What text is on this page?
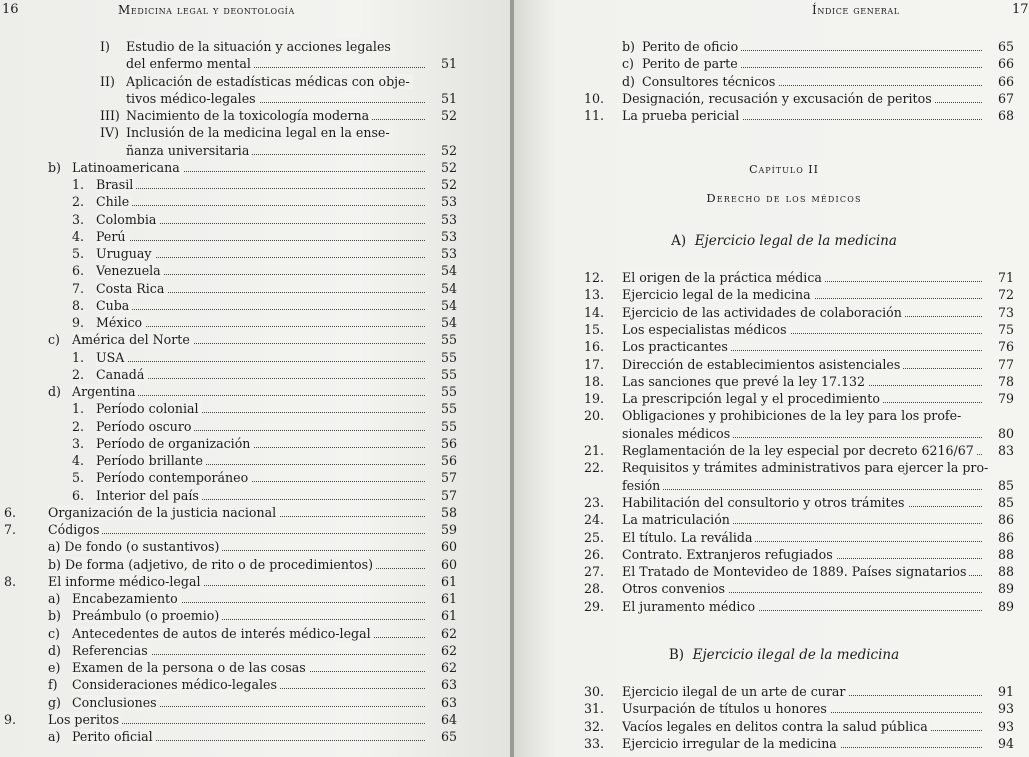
16	Medicina legal y deontología
I) Estudio de la situación y acciones legales
del enfermo mental	51
II) Aplicación de estadísticas médicas con obje-
tivos médico-legales	51
III) Nacimiento de la toxicología moderna	52
IV) Inclusión de la medicina legal en la ense-
ñanza universitaria	52
b) Latinoamericana	52
1. Brasil	52
2. Chile	53
3. Colombia	53
4. Perú	53
5. Uruguay	53
6. Venezuela	54
7. Costa Rica	54
8. Cuba	54
9. México	54
c) América del Norte	55
1. USA	55
2. Canadá	55
d) Argentina	55
1. Período colonial	55
2. Período oscuro	55
3. Período de organización	56
4. Período brillante	56
5. Período contemporáneo	57
6. Interior del país	57
6.	Organización de la justicia nacional	58
7.	Códigos	59
a) De fondo (o sustantivos)	60
b) De forma (adjetivo, de rito o de procedimientos)	60
8.	El informe médico-legal	61
a) Encabezamiento	61
b) Preámbulo (o proemio)	61
c) Antecedentes de autos de interés médico-legal	62
d) Referencias	62
e) Examen de la persona o de las cosas	62
f) Consideraciones médico-legales	63
g) Conclusiones	63
9.	Los peritos	64
a) Perito oficial	65
Índice general	17
b) Perito de oficio	65
c) Perito de parte	66
d) Consultores técnicos	66
10. Designación, recusación y excusación de peritos	67
11. La prueba pericial	68
Capítulo II
Derecho de los médicos
A) Ejercicio legal de la medicina
B) Ejercicio ilegal de la medicina
12. El origen de la práctica médica	71
13. Ejercicio legal de la medicina	72
14. Ejercicio de las actividades de colaboración	73
15. Los especialistas médicos	75
16. Los practicantes	76
17. Dirección de establecimientos asistenciales	77
18. Las sanciones que prevé la ley 17.132	78
19. La prescripción legal y el procedimiento	79
20. Obligaciones y prohibiciones de la ley para los profe-
sionales médicos	80
21. Reglamentación de la ley especial por decreto 6216/67	83
22. Requisitos y trámites administrativos para ejercer la pro-
fesión	85
23. Habilitación del consultorio y otros trámites	85
24. La matriculación	86
25. El título. La reválida	86
26. Contrato. Extranjeros refugiados	88
27. El Tratado de Montevideo de 1889. Países signatarios	88
28. Otros convenios	89
29. El juramento médico	89
30. Ejercicio ilegal de un arte de curar	91
31. Usurpación de títulos u honores	93
32. Vacíos legales en delitos contra la salud pública	93
33. Ejercicio irregular de la medicina	94
